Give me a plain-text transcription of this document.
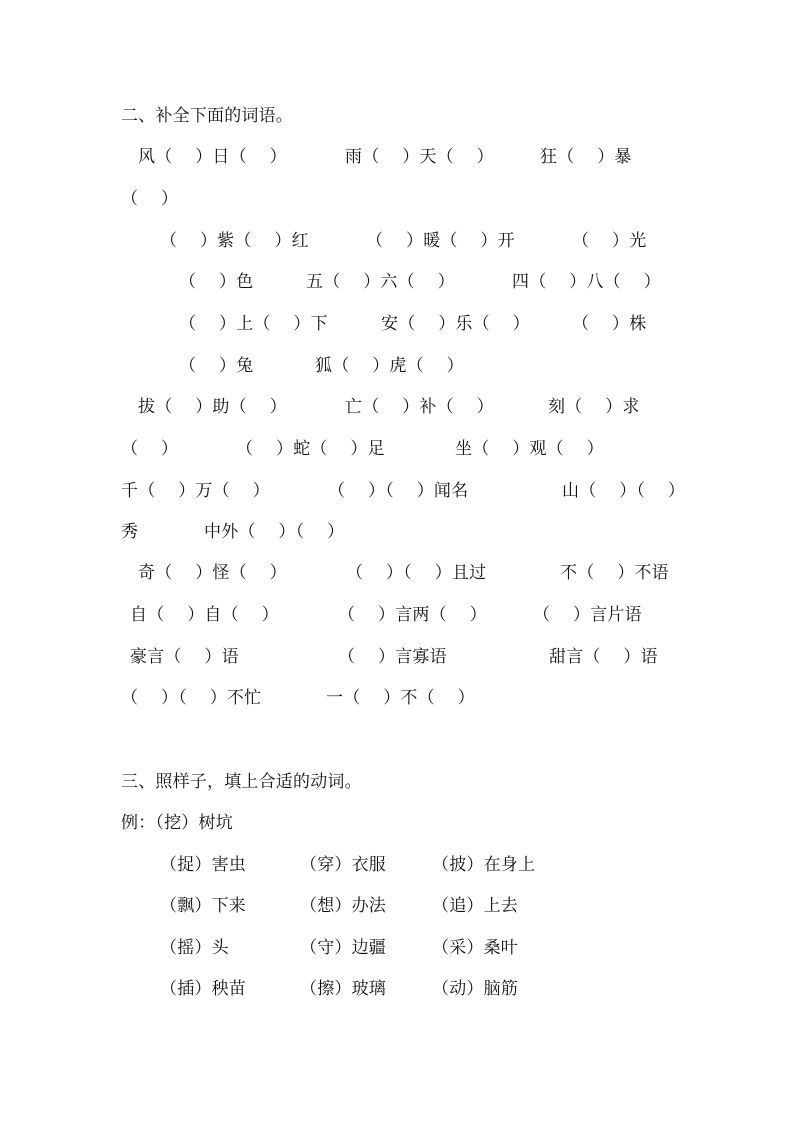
二、补全下面的词语。
风（　 ）日（　 ）	雨（　 ）天（　 ）	狂（　 ）暴
（　 ）
（　 ）紫（　 ）红	（　 ）暖（　 ）开	（　 ）光
（　 ）色	五（　 ）六（　 ）	四（　 ）八（　 ）
（　 ）上（　 ）下	安（　 ）乐（　 ） （　 ）株
（　 ）兔	狐（　 ）虎（　 ）
拔（　 ）助（　 ）	亡（　 ）补（　 ）	刻（　 ）求
（　 ）	（　 ）蛇（　 ）足	坐（　 ）观（　 ）
千（　 ）万（　 ）	（　 ）（　 ）闻名	山（　 ）（　 ）
秀	中外（　 ）（　 ）
奇（　 ）怪（　 ）	（　 ）（　 ）且过	不（　 ）不语
自（　 ）自（　 ）	（　 ）言两（　 ）	（　 ）言片语
豪言（　 ）语	（　 ）言寡语	甜言（　 ）语
（　 ）（　 ）不忙	一（　 ）不（　 ）
三、照样子，填上合适的动词。
例：（挖）树坑
（捉）害虫	（穿）衣服	（披）在身上
（飘）下来	（想）办法	（追）上去
（摇）头	（守）边疆	（采）桑叶
（插）秧苗	（擦）玻璃	（动）脑筋
